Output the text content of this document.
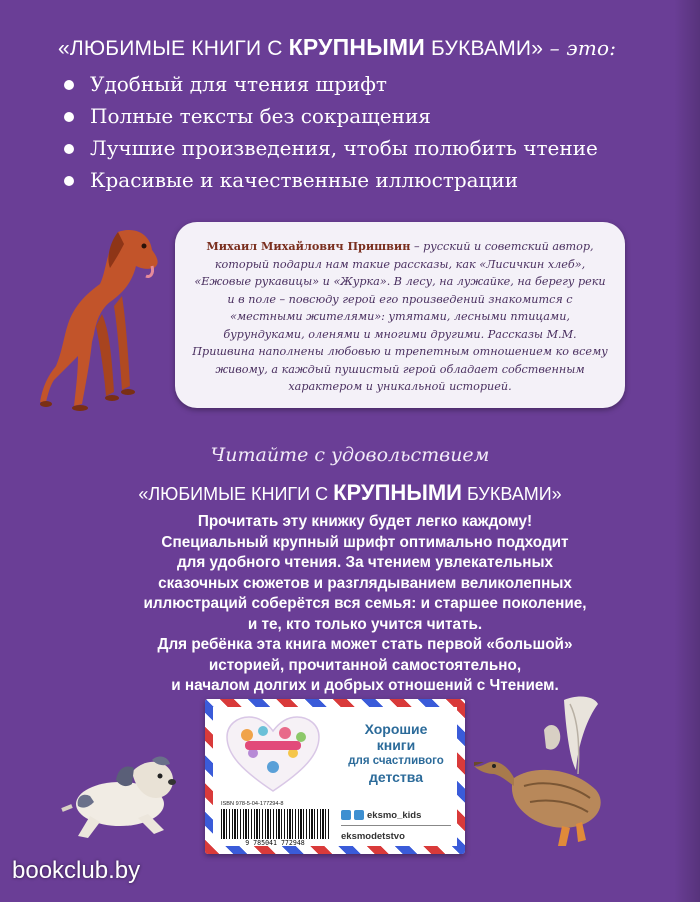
«ЛЮБИМЫЕ КНИГИ С КРУПНЫМИ БУКВАМИ» – это:
Удобный для чтения шрифт
Полные тексты без сокращения
Лучшие произведения, чтобы полюбить чтение
Красивые и качественные иллюстрации
Михаил Михайлович Пришвин – русский и советский автор, который подарил нам такие рассказы, как «Лисичкин хлеб», «Ежовые рукавицы» и «Журка». В лесу, на лужайке, на берегу реки и в поле – повсюду герой его произведений знакомится с «местными жителями»: утятами, лесными птицами, бурундуками, оленями и многими другими. Рассказы М.М. Пришвина наполнены любовью и трепетным отношением ко всему живому, а каждый пушистый герой обладает собственным характером и уникальной историей.
Читайте с удовольствием
«ЛЮБИМЫЕ КНИГИ С КРУПНЫМИ БУКВАМИ»
Прочитать эту книжку будет легко каждому!
Специальный крупный шрифт оптимально подходит
для удобного чтения. За чтением увлекательных
сказочных сюжетов и разглядыванием великолепных
иллюстраций соберётся вся семья: и старшее поколение,
и те, кто только учится читать.
Для ребёнка эта книга может стать первой «большой»
историей, прочитанной самостоятельно,
и началом долгих и добрых отношений с Чтением.
Хорошие
книги
для счастливого
детства
ISBN 978-5-04-177294-8
9 785041 772948
eksmo_kids
eksmodetstvo
bookclub.by
